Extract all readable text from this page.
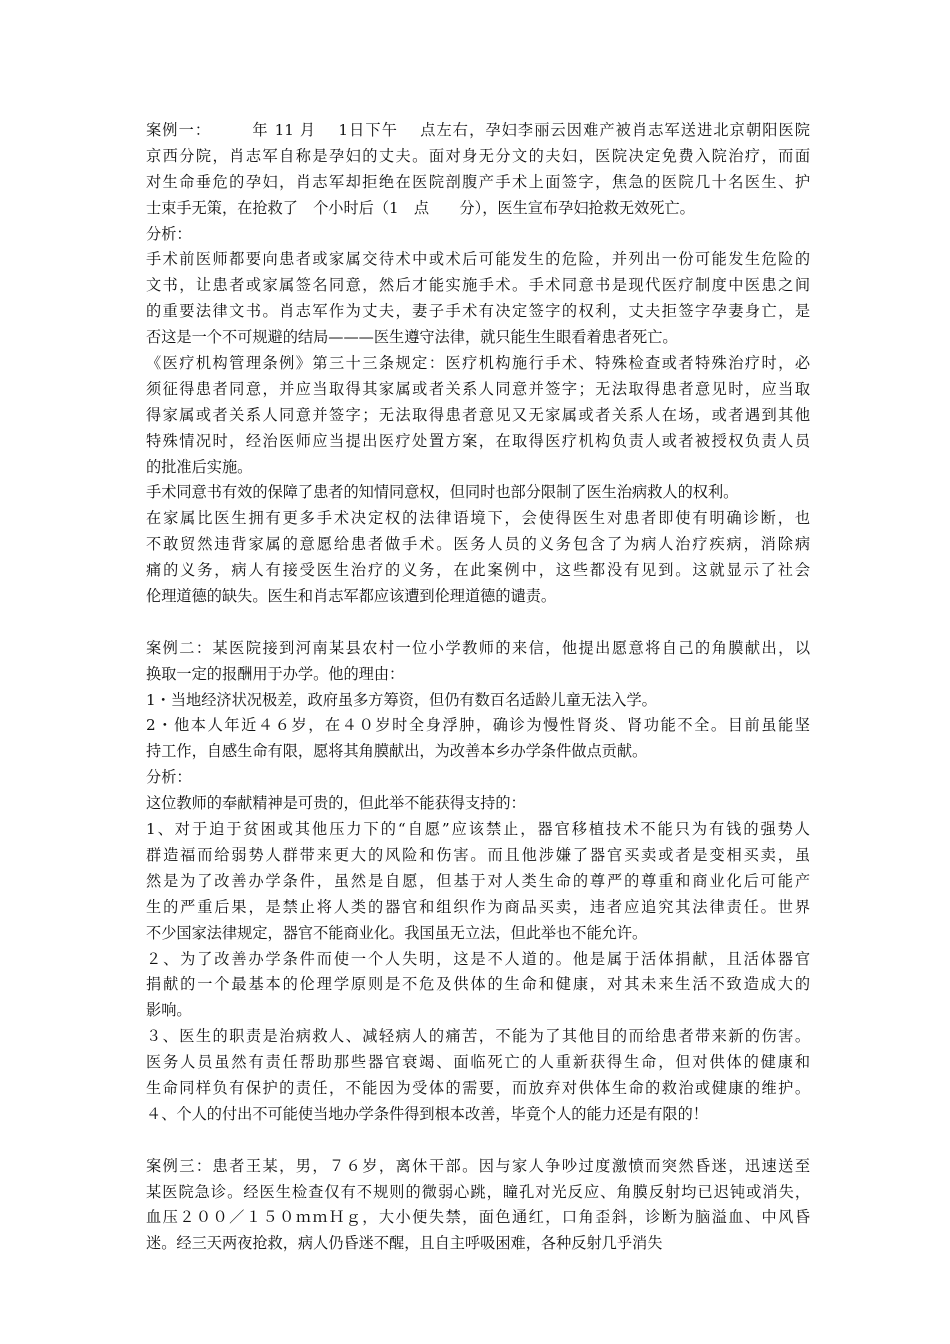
案例一：　　　年 11 月　 1日下午　 点左右，孕妇李丽云因难产被肖志军送进北京朝阳医院
京西分院，肖志军自称是孕妇的丈夫。面对身无分文的夫妇，医院决定免费入院治疗，而面
对生命垂危的孕妇，肖志军却拒绝在医院剖腹产手术上面签字，焦急的医院几十名医生、护
士束手无策，在抢救了　个小时后（1　点　　分），医生宣布孕妇抢救无效死亡。
分析：
手术前医师都要向患者或家属交待术中或术后可能发生的危险，并列出一份可能发生危险的
文书，让患者或家属签名同意，然后才能实施手术。手术同意书是现代医疗制度中医患之间
的重要法律文书。肖志军作为丈夫，妻子手术有决定签字的权利，丈夫拒签字孕妻身亡，是
否这是一个不可规避的结局———医生遵守法律，就只能生生眼看着患者死亡。
《医疗机构管理条例》第三十三条规定：医疗机构施行手术、特殊检查或者特殊治疗时，必
须征得患者同意，并应当取得其家属或者关系人同意并签字；无法取得患者意见时，应当取
得家属或者关系人同意并签字；无法取得患者意见又无家属或者关系人在场，或者遇到其他
特殊情况时，经治医师应当提出医疗处置方案，在取得医疗机构负责人或者被授权负责人员
的批准后实施。
手术同意书有效的保障了患者的知情同意权，但同时也部分限制了医生治病救人的权利。
在家属比医生拥有更多手术决定权的法律语境下，会使得医生对患者即使有明确诊断，也
不敢贸然违背家属的意愿给患者做手术。医务人员的义务包含了为病人治疗疾病，消除病
痛的义务，病人有接受医生治疗的义务，在此案例中，这些都没有见到。这就显示了社会
伦理道德的缺失。医生和肖志军都应该遭到伦理道德的谴责。
案例二：某医院接到河南某县农村一位小学教师的来信，他提出愿意将自己的角膜献出，以
换取一定的报酬用于办学。他的理由：
1・当地经济状况极差，政府虽多方筹资，但仍有数百名适龄儿童无法入学。
2・他本人年近４６岁，在４０岁时全身浮肿，确诊为慢性肾炎、肾功能不全。目前虽能坚
持工作，自感生命有限，愿将其角膜献出，为改善本乡办学条件做点贡献。
分析：
这位教师的奉献精神是可贵的，但此举不能获得支持的：
1、对于迫于贫困或其他压力下的“自愿”应该禁止，器官移植技术不能只为有钱的强势人
群造福而给弱势人群带来更大的风险和伤害。而且他涉嫌了器官买卖或者是变相买卖，虽
然是为了改善办学条件，虽然是自愿，但基于对人类生命的尊严的尊重和商业化后可能产
生的严重后果，是禁止将人类的器官和组织作为商品买卖，违者应追究其法律责任。世界
不少国家法律规定，器官不能商业化。我国虽无立法，但此举也不能允许。
２、为了改善办学条件而使一个人失明，这是不人道的。他是属于活体捐献，且活体器官
捐献的一个最基本的伦理学原则是不危及供体的生命和健康，对其未来生活不致造成大的
影响。
３、医生的职责是治病救人、减轻病人的痛苦，不能为了其他目的而给患者带来新的伤害。
医务人员虽然有责任帮助那些器官衰竭、面临死亡的人重新获得生命，但对供体的健康和
生命同样负有保护的责任，不能因为受体的需要，而放弃对供体生命的救治或健康的维护。
４、个人的付出不可能使当地办学条件得到根本改善，毕竟个人的能力还是有限的！
案例三：患者王某，男，７６岁，离休干部。因与家人争吵过度激愤而突然昏迷，迅速送至
某医院急诊。经医生检查仅有不规则的微弱心跳，瞳孔对光反应、角膜反射均已迟钝或消失，
血压２００／１５０ｍｍＨｇ，大小便失禁，面色通红，口角歪斜，诊断为脑溢血、中风昏
迷。经三天两夜抢救，病人仍昏迷不醒，且自主呼吸困难，各种反射几乎消失
